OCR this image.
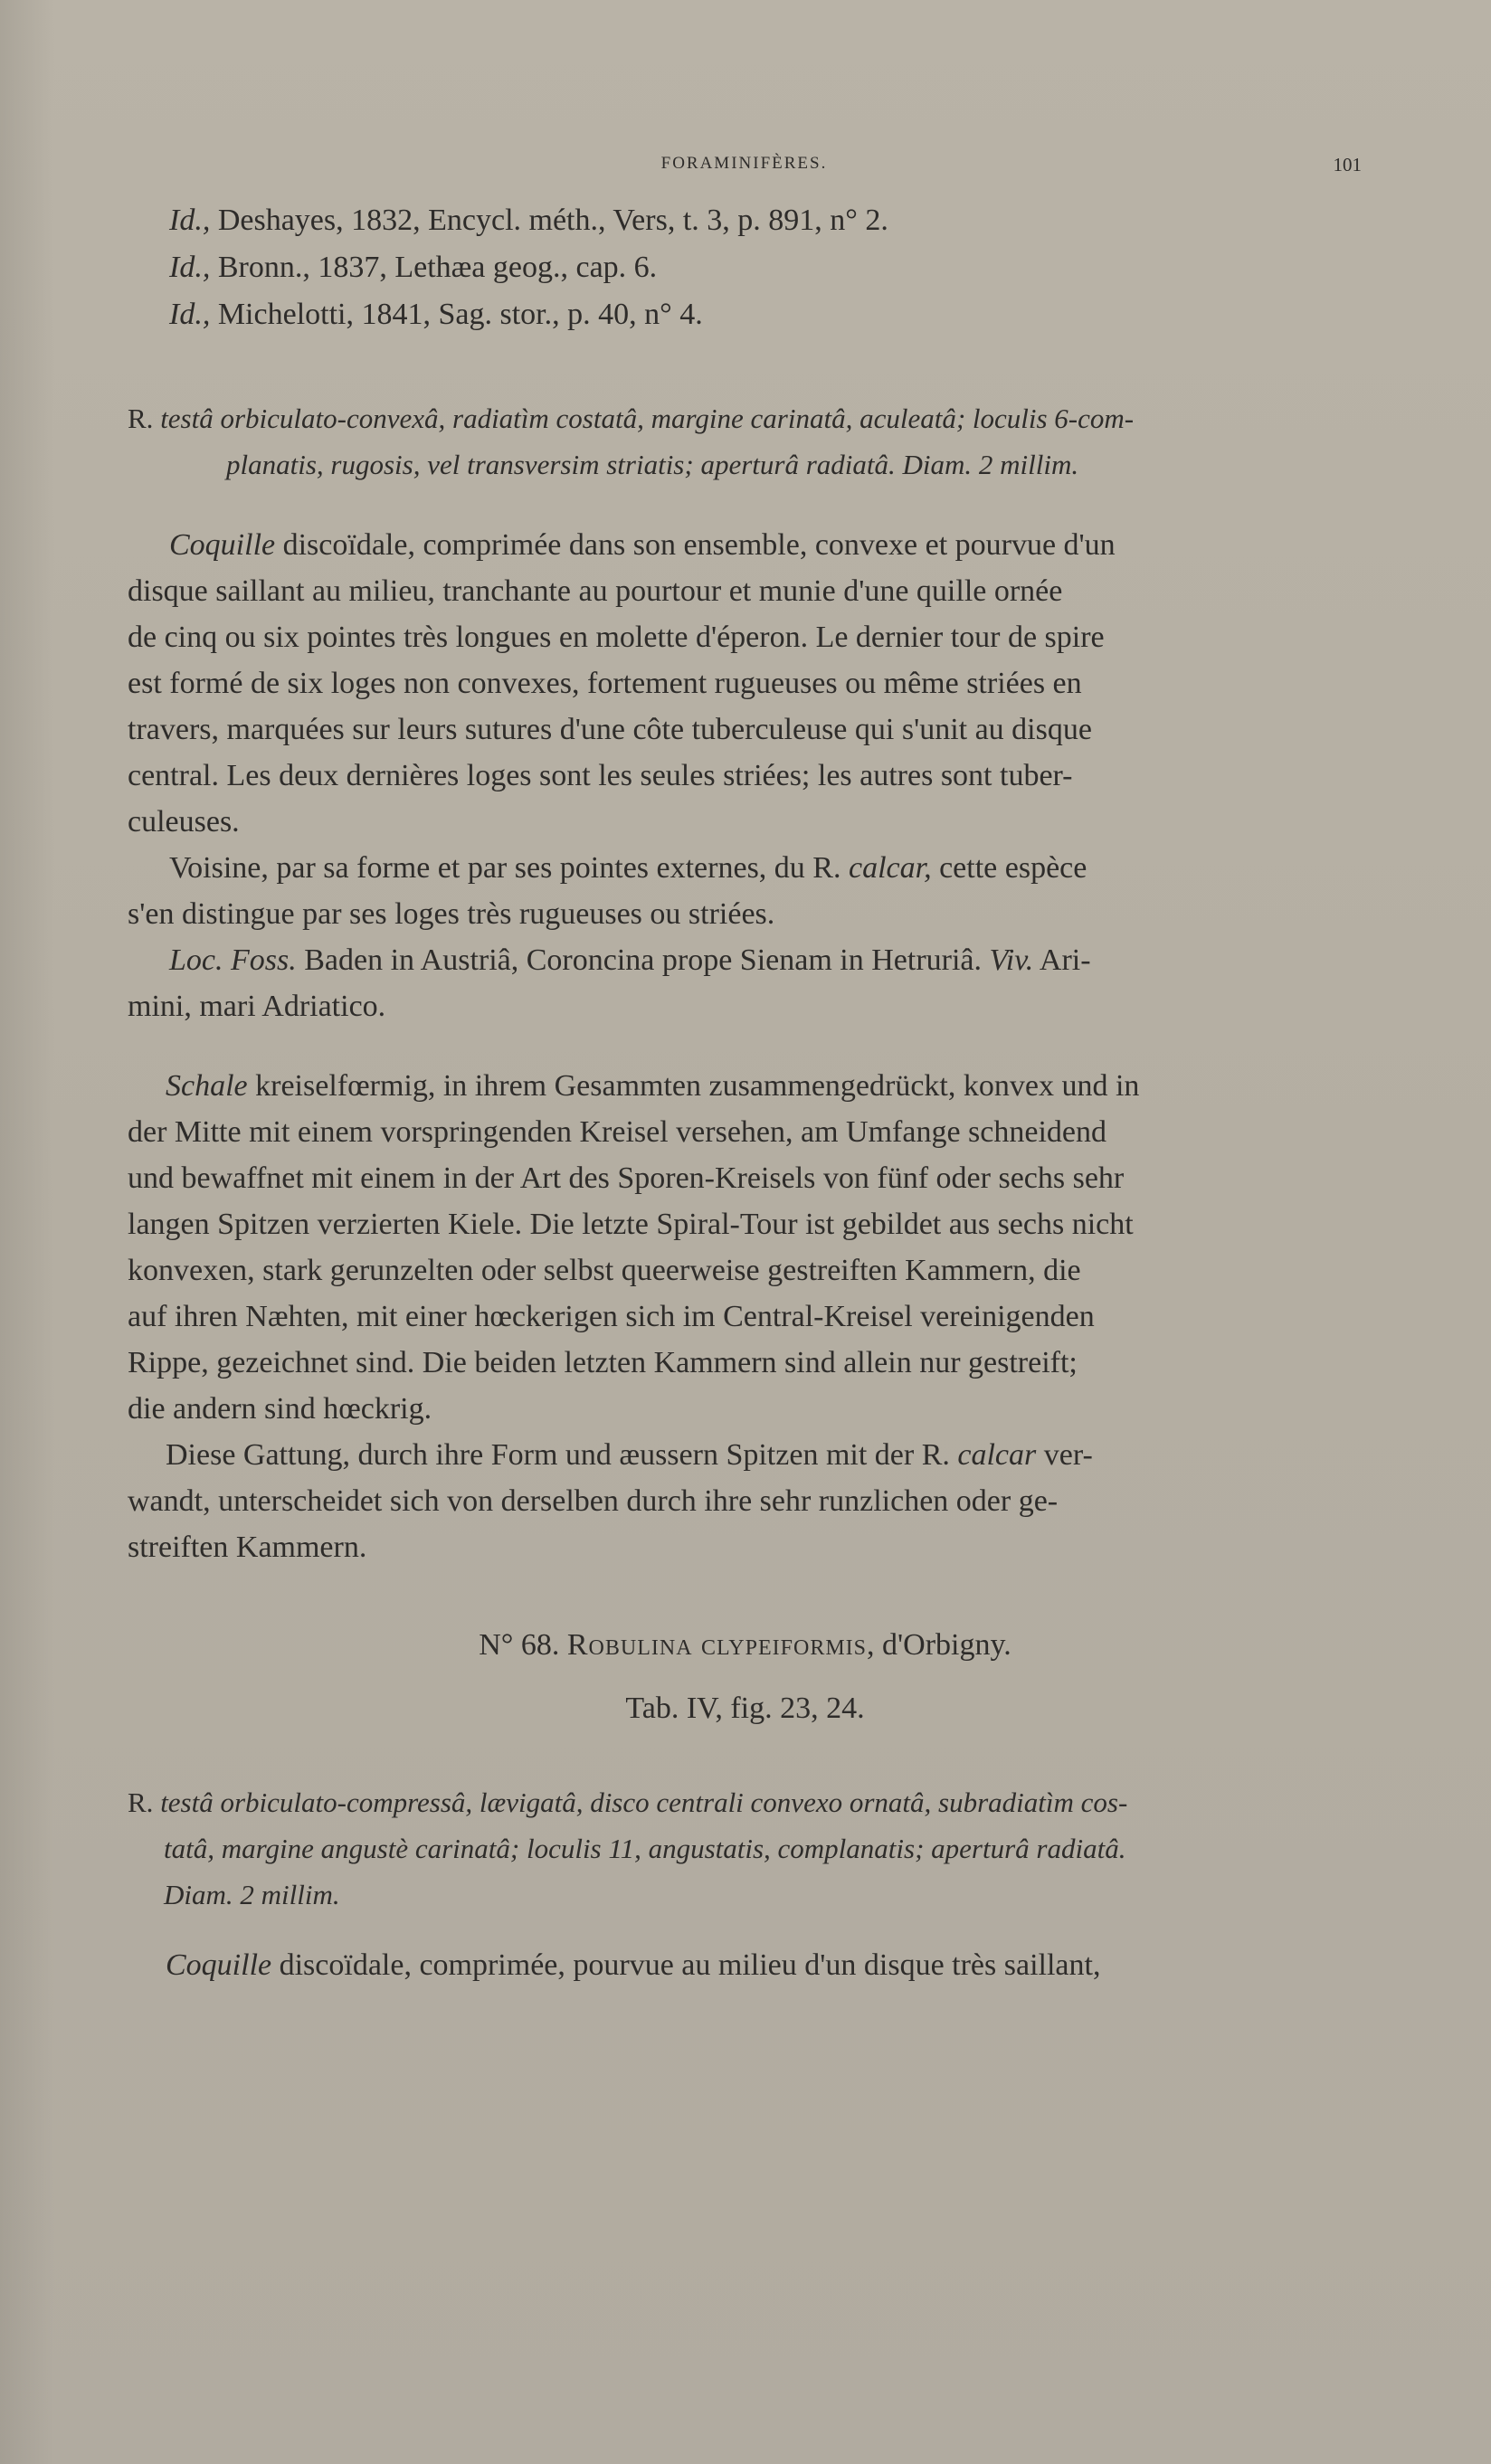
FORAMINIFÈRES.	101
Id., Deshayes, 1832, Encycl. méth., Vers, t. 3, p. 891, n° 2.
Id., Bronn., 1837, Lethæa geog., cap. 6.
Id., Michelotti, 1841, Sag. stor., p. 40, n° 4.
R. testâ orbiculato-convexâ, radiatìm costatâ, margine carinatâ, aculeatâ; loculis 6-com-
planatis, rugosis, vel transversim striatis; aperturâ radiatâ. Diam. 2 millim.
Coquille discoïdale, comprimée dans son ensemble, convexe et pourvue d'un
disque saillant au milieu, tranchante au pourtour et munie d'une quille ornée
de cinq ou six pointes très longues en molette d'éperon. Le dernier tour de spire
est formé de six loges non convexes, fortement rugueuses ou même striées en
travers, marquées sur leurs sutures d'une côte tuberculeuse qui s'unit au disque
central. Les deux dernières loges sont les seules striées; les autres sont tuber-
culeuses.
Voisine, par sa forme et par ses pointes externes, du R. calcar, cette espèce
s'en distingue par ses loges très rugueuses ou striées.
Loc. Foss. Baden in Austriâ, Coroncina prope Sienam in Hetruriâ. Viv. Ari-
mini, mari Adriatico.
Schale kreiselfœrmig, in ihrem Gesammten zusammengedrückt, konvex und in
der Mitte mit einem vorspringenden Kreisel versehen, am Umfange schneidend
und bewaffnet mit einem in der Art des Sporen-Kreisels von fünf oder sechs sehr
langen Spitzen verzierten Kiele. Die letzte Spiral-Tour ist gebildet aus sechs nicht
konvexen, stark gerunzelten oder selbst queerweise gestreiften Kammern, die
auf ihren Næhten, mit einer hœckerigen sich im Central-Kreisel vereinigenden
Rippe, gezeichnet sind. Die beiden letzten Kammern sind allein nur gestreift;
die andern sind hœckrig.
Diese Gattung, durch ihre Form und æussern Spitzen mit der R. calcar ver-
wandt, unterscheidet sich von derselben durch ihre sehr runzlichen oder ge-
streiften Kammern.
N° 68. Robulina clypeiformis, d'Orbigny.
Tab. IV, fig. 23, 24.
R. testâ orbiculato-compressâ, lævigatâ, disco centrali convexo ornatâ, subradiatìm cos-
tatâ, margine angustè carinatâ; loculis 11, angustatis, complanatis; aperturâ radiatâ.
Diam. 2 millim.
Coquille discoïdale, comprimée, pourvue au milieu d'un disque très saillant,
